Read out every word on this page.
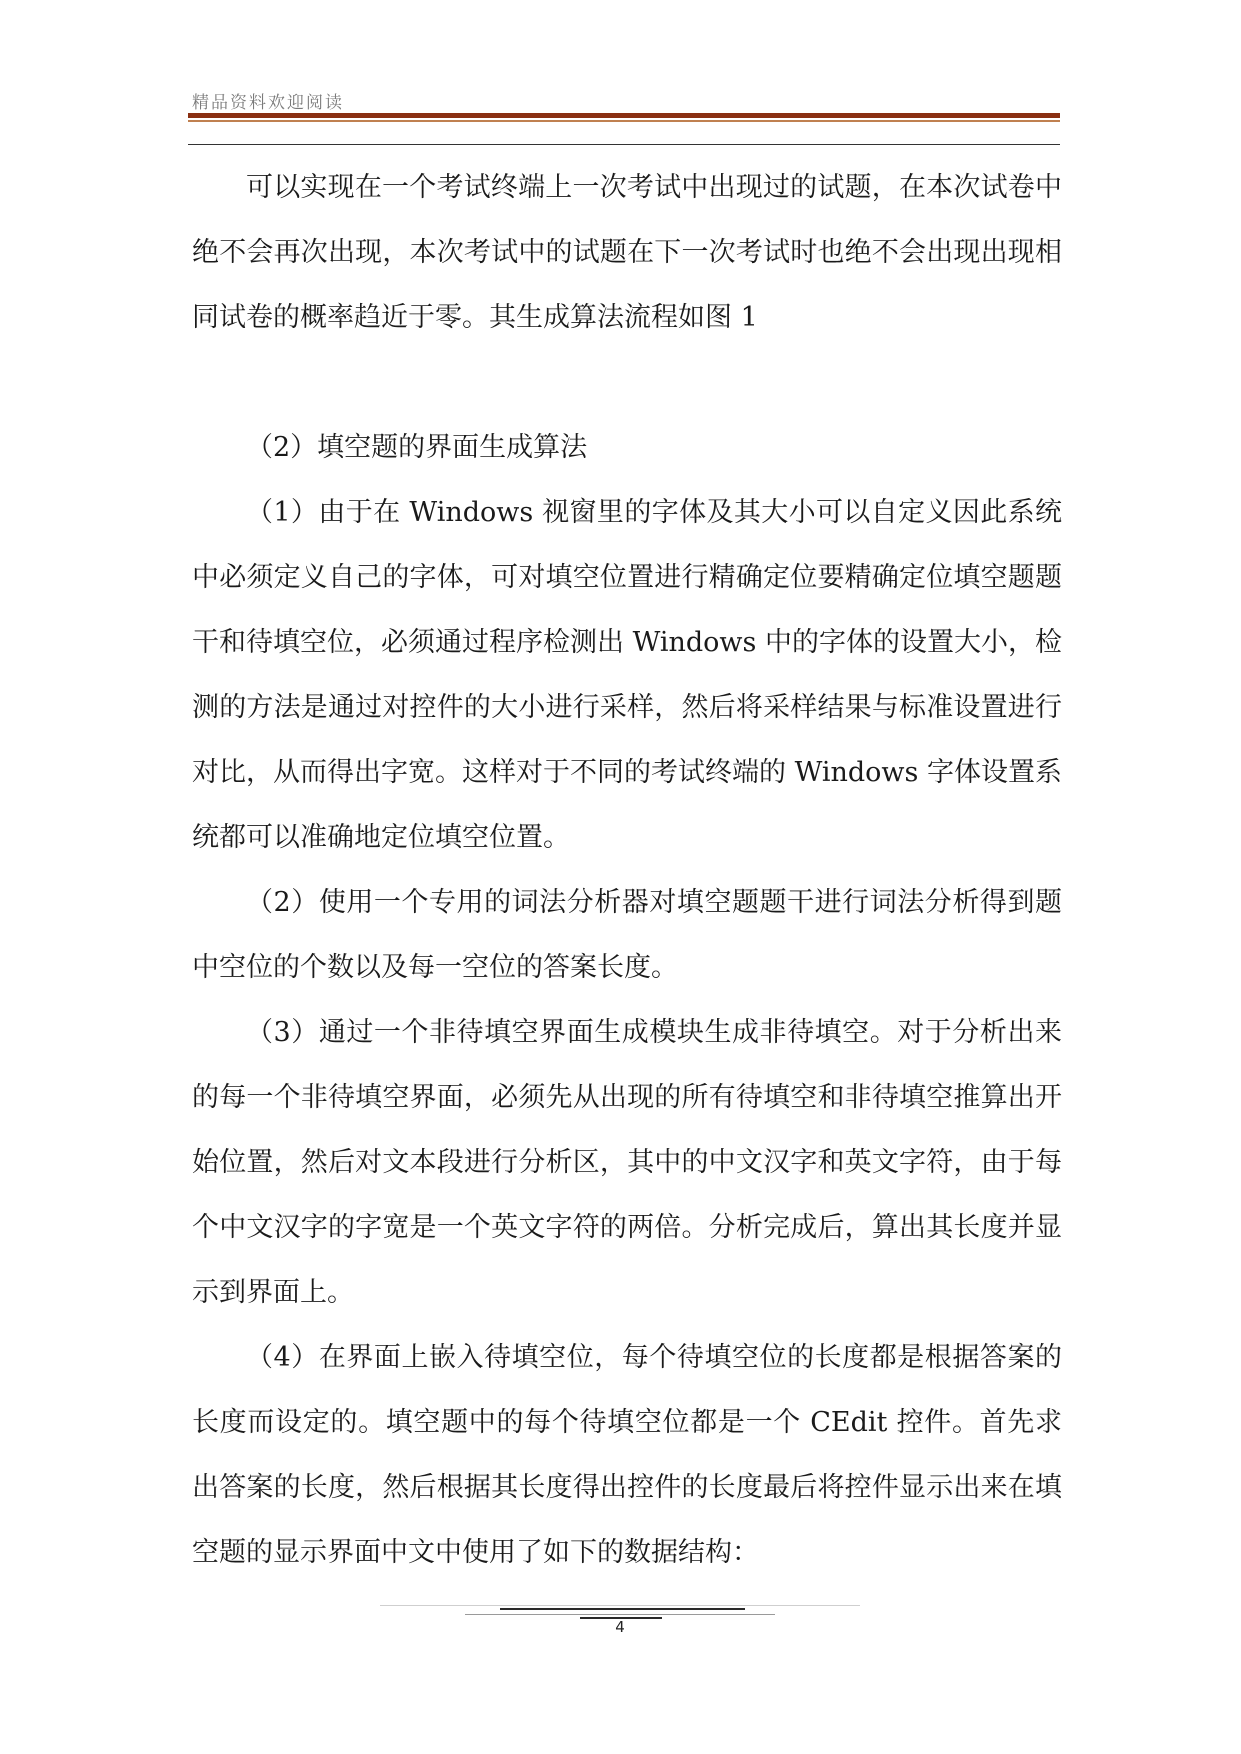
精品资料欢迎阅读

可以实现在一个考试终端上一次考试中出现过的试题，在本次试卷中绝不会再次出现，本次考试中的试题在下一次考试时也绝不会出现出现相同试卷的概率趋近于零。其生成算法流程如图 1

（2）填空题的界面生成算法

（1）由于在 Windows 视窗里的字体及其大小可以自定义因此系统中必须定义自己的字体，可对填空位置进行精确定位要精确定位填空题题干和待填空位，必须通过程序检测出 Windows 中的字体的设置大小，检测的方法是通过对控件的大小进行采样，然后将采样结果与标准设置进行对比，从而得出字宽。这样对于不同的考试终端的 Windows 字体设置系统都可以准确地定位填空位置。

（2）使用一个专用的词法分析器对填空题题干进行词法分析得到题中空位的个数以及每一空位的答案长度。

（3）通过一个非待填空界面生成模块生成非待填空。对于分析出来的每一个非待填空界面，必须先从出现的所有待填空和非待填空推算出开始位置，然后对文本段进行分析区，其中的中文汉字和英文字符，由于每个中文汉字的字宽是一个英文字符的两倍。分析完成后，算出其长度并显示到界面上。

（4）在界面上嵌入待填空位，每个待填空位的长度都是根据答案的长度而设定的。填空题中的每个待填空位都是一个 CEdit 控件。首先求出答案的长度，然后根据其长度得出控件的长度最后将控件显示出来在填空题的显示界面中文中使用了如下的数据结构：

4
